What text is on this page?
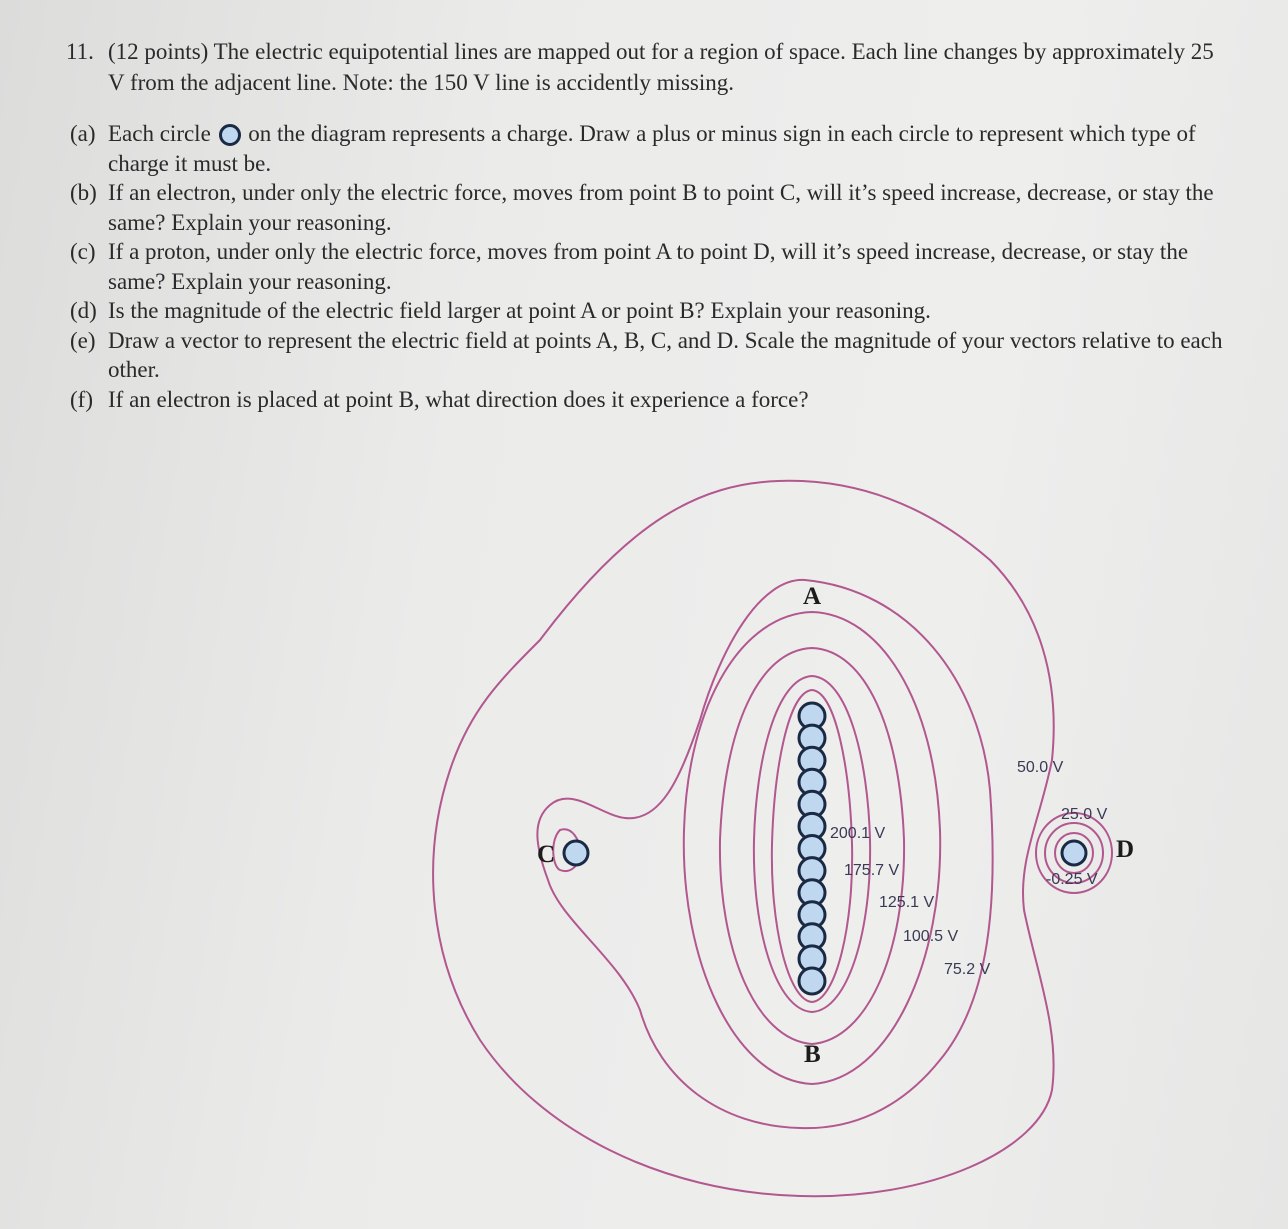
11. (12 points) The electric equipotential lines are mapped out for a region of space. Each line changes by approximately 25 V from the adjacent line. Note: the 150 V line is accidently missing.
(a) Each circle on the diagram represents a charge. Draw a plus or minus sign in each circle to represent which type of charge it must be.
(b) If an electron, under only the electric force, moves from point B to point C, will it’s speed increase, decrease, or stay the same? Explain your reasoning.
(c) If a proton, under only the electric force, moves from point A to point D, will it’s speed increase, decrease, or stay the same? Explain your reasoning.
(d) Is the magnitude of the electric field larger at point A or point B? Explain your reasoning.
(e) Draw a vector to represent the electric field at points A, B, C, and D. Scale the magnitude of your vectors relative to each other.
(f) If an electron is placed at point B, what direction does it experience a force?
A
B
C	D
200.1 V
175.7 V
125.1 V
100.5 V
75.2 V
50.0 V
25.0 V
-0.25 V
